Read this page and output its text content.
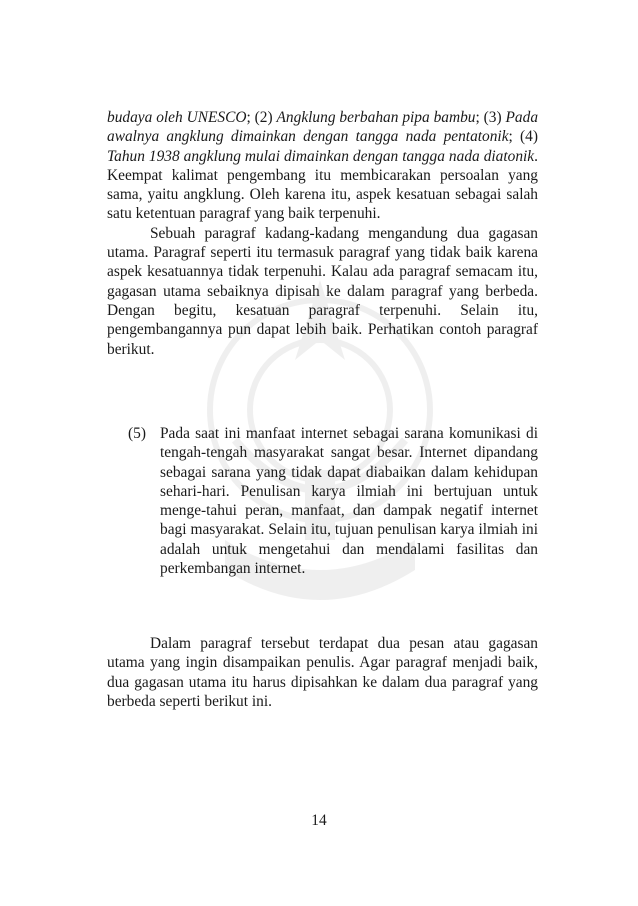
budaya oleh UNESCO; (2) Angklung berbahan pipa bambu; (3) Pada awalnya angklung dimainkan dengan tangga nada pentatonik; (4) Tahun 1938 angklung mulai dimainkan dengan tangga nada diatonik. Keempat kalimat pengembang itu membicarakan persoalan yang sama, yaitu angklung. Oleh karena itu, aspek kesatuan sebagai salah satu ketentuan paragraf yang baik terpenuhi.

Sebuah paragraf kadang-kadang mengandung dua gagasan utama. Paragraf seperti itu termasuk paragraf yang tidak baik karena aspek kesatuannya tidak terpenuhi. Kalau ada paragraf semacam itu, gagasan utama sebaiknya dipisah ke dalam paragraf yang berbeda. Dengan begitu, kesatuan paragraf terpenuhi. Selain itu, pengembangannya pun dapat lebih baik. Perhatikan contoh paragraf berikut.

(5) Pada saat ini manfaat internet sebagai sarana komunikasi di tengah-tengah masyarakat sangat besar. Internet dipandang sebagai sarana yang tidak dapat diabaikan dalam kehidupan sehari-hari. Penulisan karya ilmiah ini bertujuan untuk menge-tahui peran, manfaat, dan dampak negatif internet bagi masyarakat. Selain itu, tujuan penulisan karya ilmiah ini adalah untuk mengetahui dan mendalami fasilitas dan perkembangan internet.

Dalam paragraf tersebut terdapat dua pesan atau gagasan utama yang ingin disampaikan penulis. Agar paragraf menjadi baik, dua gagasan utama itu harus dipisahkan ke dalam dua paragraf yang berbeda seperti berikut ini.

14
